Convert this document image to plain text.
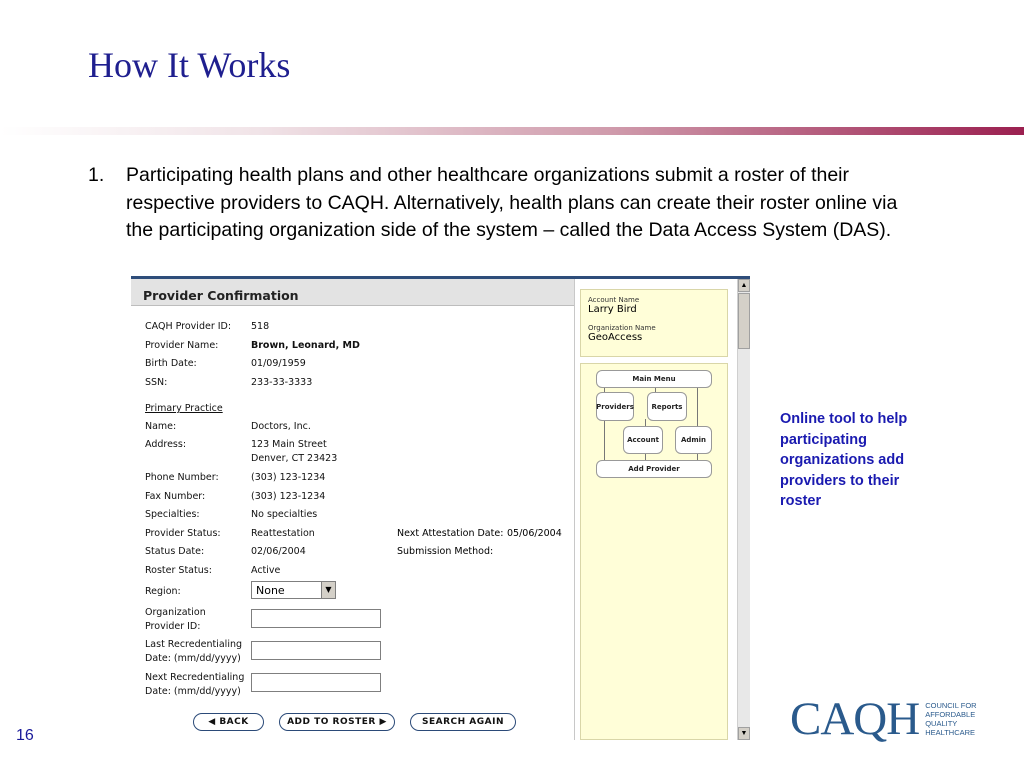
How It Works
1.	Participating health plans and other healthcare organizations submit a roster of their respective providers to CAQH. Alternatively, health plans can create their roster online via the participating organization side of the system – called the Data Access System (DAS).
Provider Confirmation
CAQH Provider ID: 518
Provider Name:	Brown, Leonard, MD
Birth Date:	01/09/1959
SSN:	233-33-3333
Primary Practice
Name:	Doctors, Inc.
Address:	123 Main Street
Denver, CT 23423
Phone Number:	(303) 123-1234
Fax Number:	(303) 123-1234
Specialties:	No specialties
Provider Status:	Reattestation	Next Attestation Date: 05/06/2004
Status Date:	02/06/2004	Submission Method:
Roster Status:	Active
Region:	None	▼
Organization Provider ID:
Last Recredentialing Date: (mm/dd/yyyy)
Next Recredentialing Date: (mm/dd/yyyy)
◀ BACK	ADD TO ROSTER ▶	SEARCH AGAIN
Account Name
Larry Bird
Organization Name
GeoAccess
Main Menu
Providers	Reports
Account	Admin
Add Provider
▲
▼
Online tool to help participating organizations add providers to their roster
16	CAQH COUNCIL FOR
AFFORDABLE
QUALITY
HEALTHCARE
